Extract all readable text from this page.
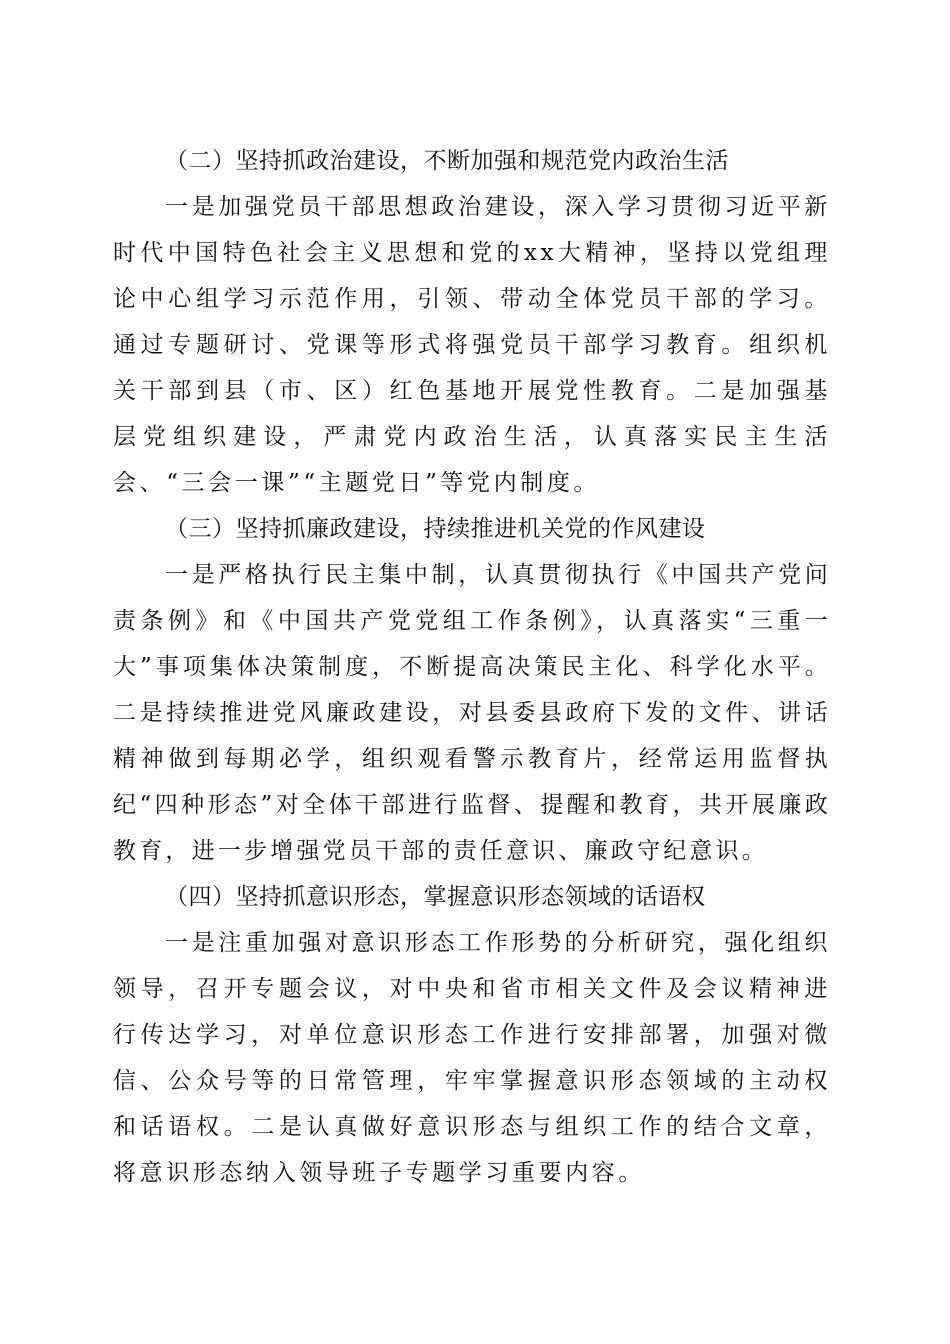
（二）坚持抓政治建设，不断加强和规范党内政治生活

一是加强党员干部思想政治建设，深入学习贯彻习近平新时代中国特色社会主义思想和党的xx大精神，坚持以党组理论中心组学习示范作用，引领、带动全体党员干部的学习。通过专题研讨、党课等形式将强党员干部学习教育。组织机关干部到县（市、区）红色基地开展党性教育。二是加强基层党组织建设，严肃党内政治生活，认真落实民主生活会、“三会一课”“主题党日”等党内制度。

（三）坚持抓廉政建设，持续推进机关党的作风建设

一是严格执行民主集中制，认真贯彻执行《中国共产党问责条例》和《中国共产党党组工作条例》，认真落实“三重一大”事项集体决策制度，不断提高决策民主化、科学化水平。二是持续推进党风廉政建设，对县委县政府下发的文件、讲话精神做到每期必学，组织观看警示教育片，经常运用监督执纪“四种形态”对全体干部进行监督、提醒和教育，共开展廉政教育，进一步增强党员干部的责任意识、廉政守纪意识。

（四）坚持抓意识形态，掌握意识形态领域的话语权

一是注重加强对意识形态工作形势的分析研究，强化组织领导，召开专题会议，对中央和省市相关文件及会议精神进行传达学习，对单位意识形态工作进行安排部署，加强对微信、公众号等的日常管理，牢牢掌握意识形态领域的主动权和话语权。二是认真做好意识形态与组织工作的结合文章，将意识形态纳入领导班子专题学习重要内容。
